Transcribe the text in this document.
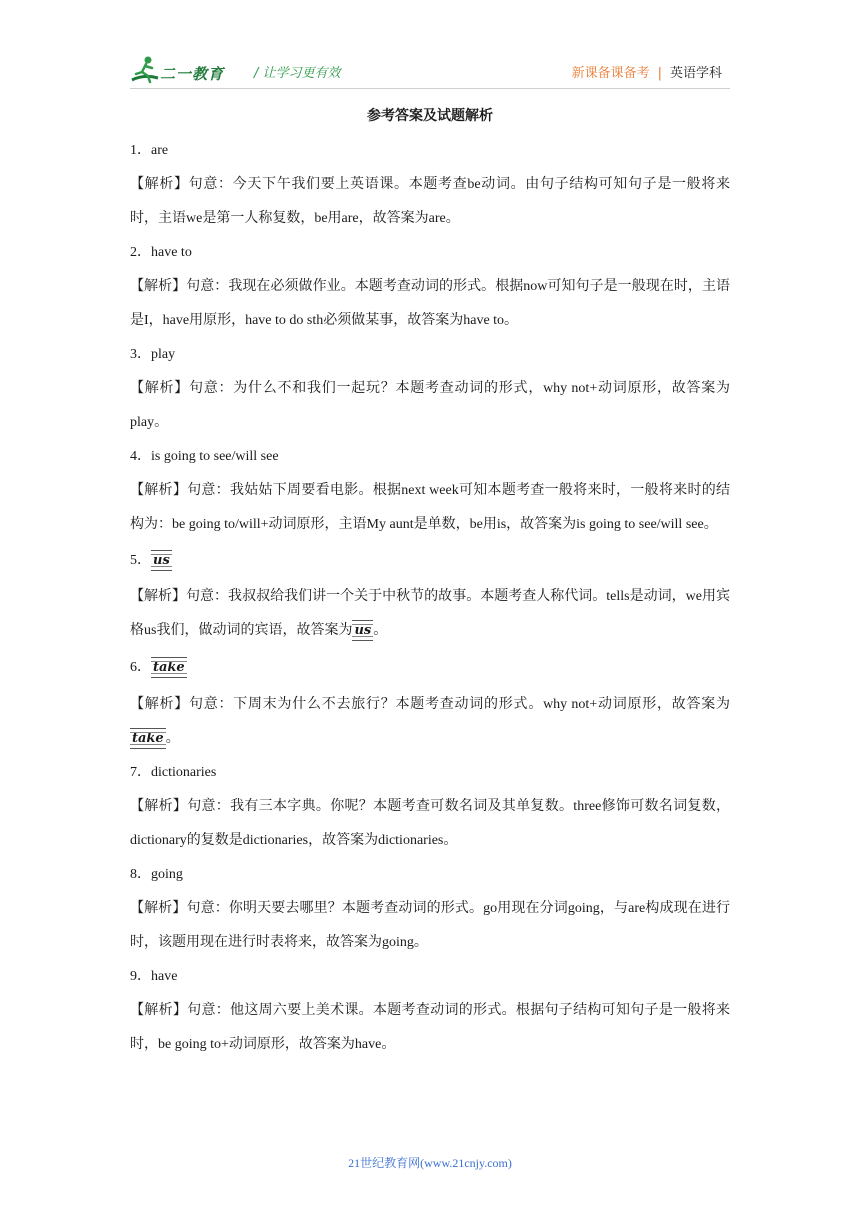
二一教育 / 让学习更有效	新课备课备考 | 英语学科
参考答案及试题解析
1．are
【解析】句意：今天下午我们要上英语课。本题考查be动词。由句子结构可知句子是一般将来时，主语we是第一人称复数，be用are，故答案为are。
2．have to
【解析】句意：我现在必须做作业。本题考查动词的形式。根据now可知句子是一般现在时，主语是I，have用原形，have to do sth必须做某事，故答案为have to。
3．play
【解析】句意：为什么不和我们一起玩？本题考查动词的形式，why not+动词原形，故答案为play。
4．is going to see/will see
【解析】句意：我姑姑下周要看电影。根据next week可知本题考查一般将来时，一般将来时的结构为：be going to/will+动词原形，主语My aunt是单数，be用is，故答案为is going to see/will see。
5． us
【解析】句意：我叔叔给我们讲一个关于中秋节的故事。本题考查人称代词。tells是动词，we用宾格us我们，做动词的宾语，故答案为 us 。
6． take
【解析】句意：下周末为什么不去旅行？本题考查动词的形式。why not+动词原形，故答案为take 。
7．dictionaries
【解析】句意：我有三本字典。你呢？本题考查可数名词及其单复数。three修饰可数名词复数，dictionary的复数是dictionaries，故答案为dictionaries。
8．going
【解析】句意：你明天要去哪里？本题考查动词的形式。go用现在分词going，与are构成现在进行时，该题用现在进行时表将来，故答案为going。
9．have
【解析】句意：他这周六要上美术课。本题考查动词的形式。根据句子结构可知句子是一般将来时，be going to+动词原形，故答案为have。
21世纪教育网(www.21cnjy.com)
